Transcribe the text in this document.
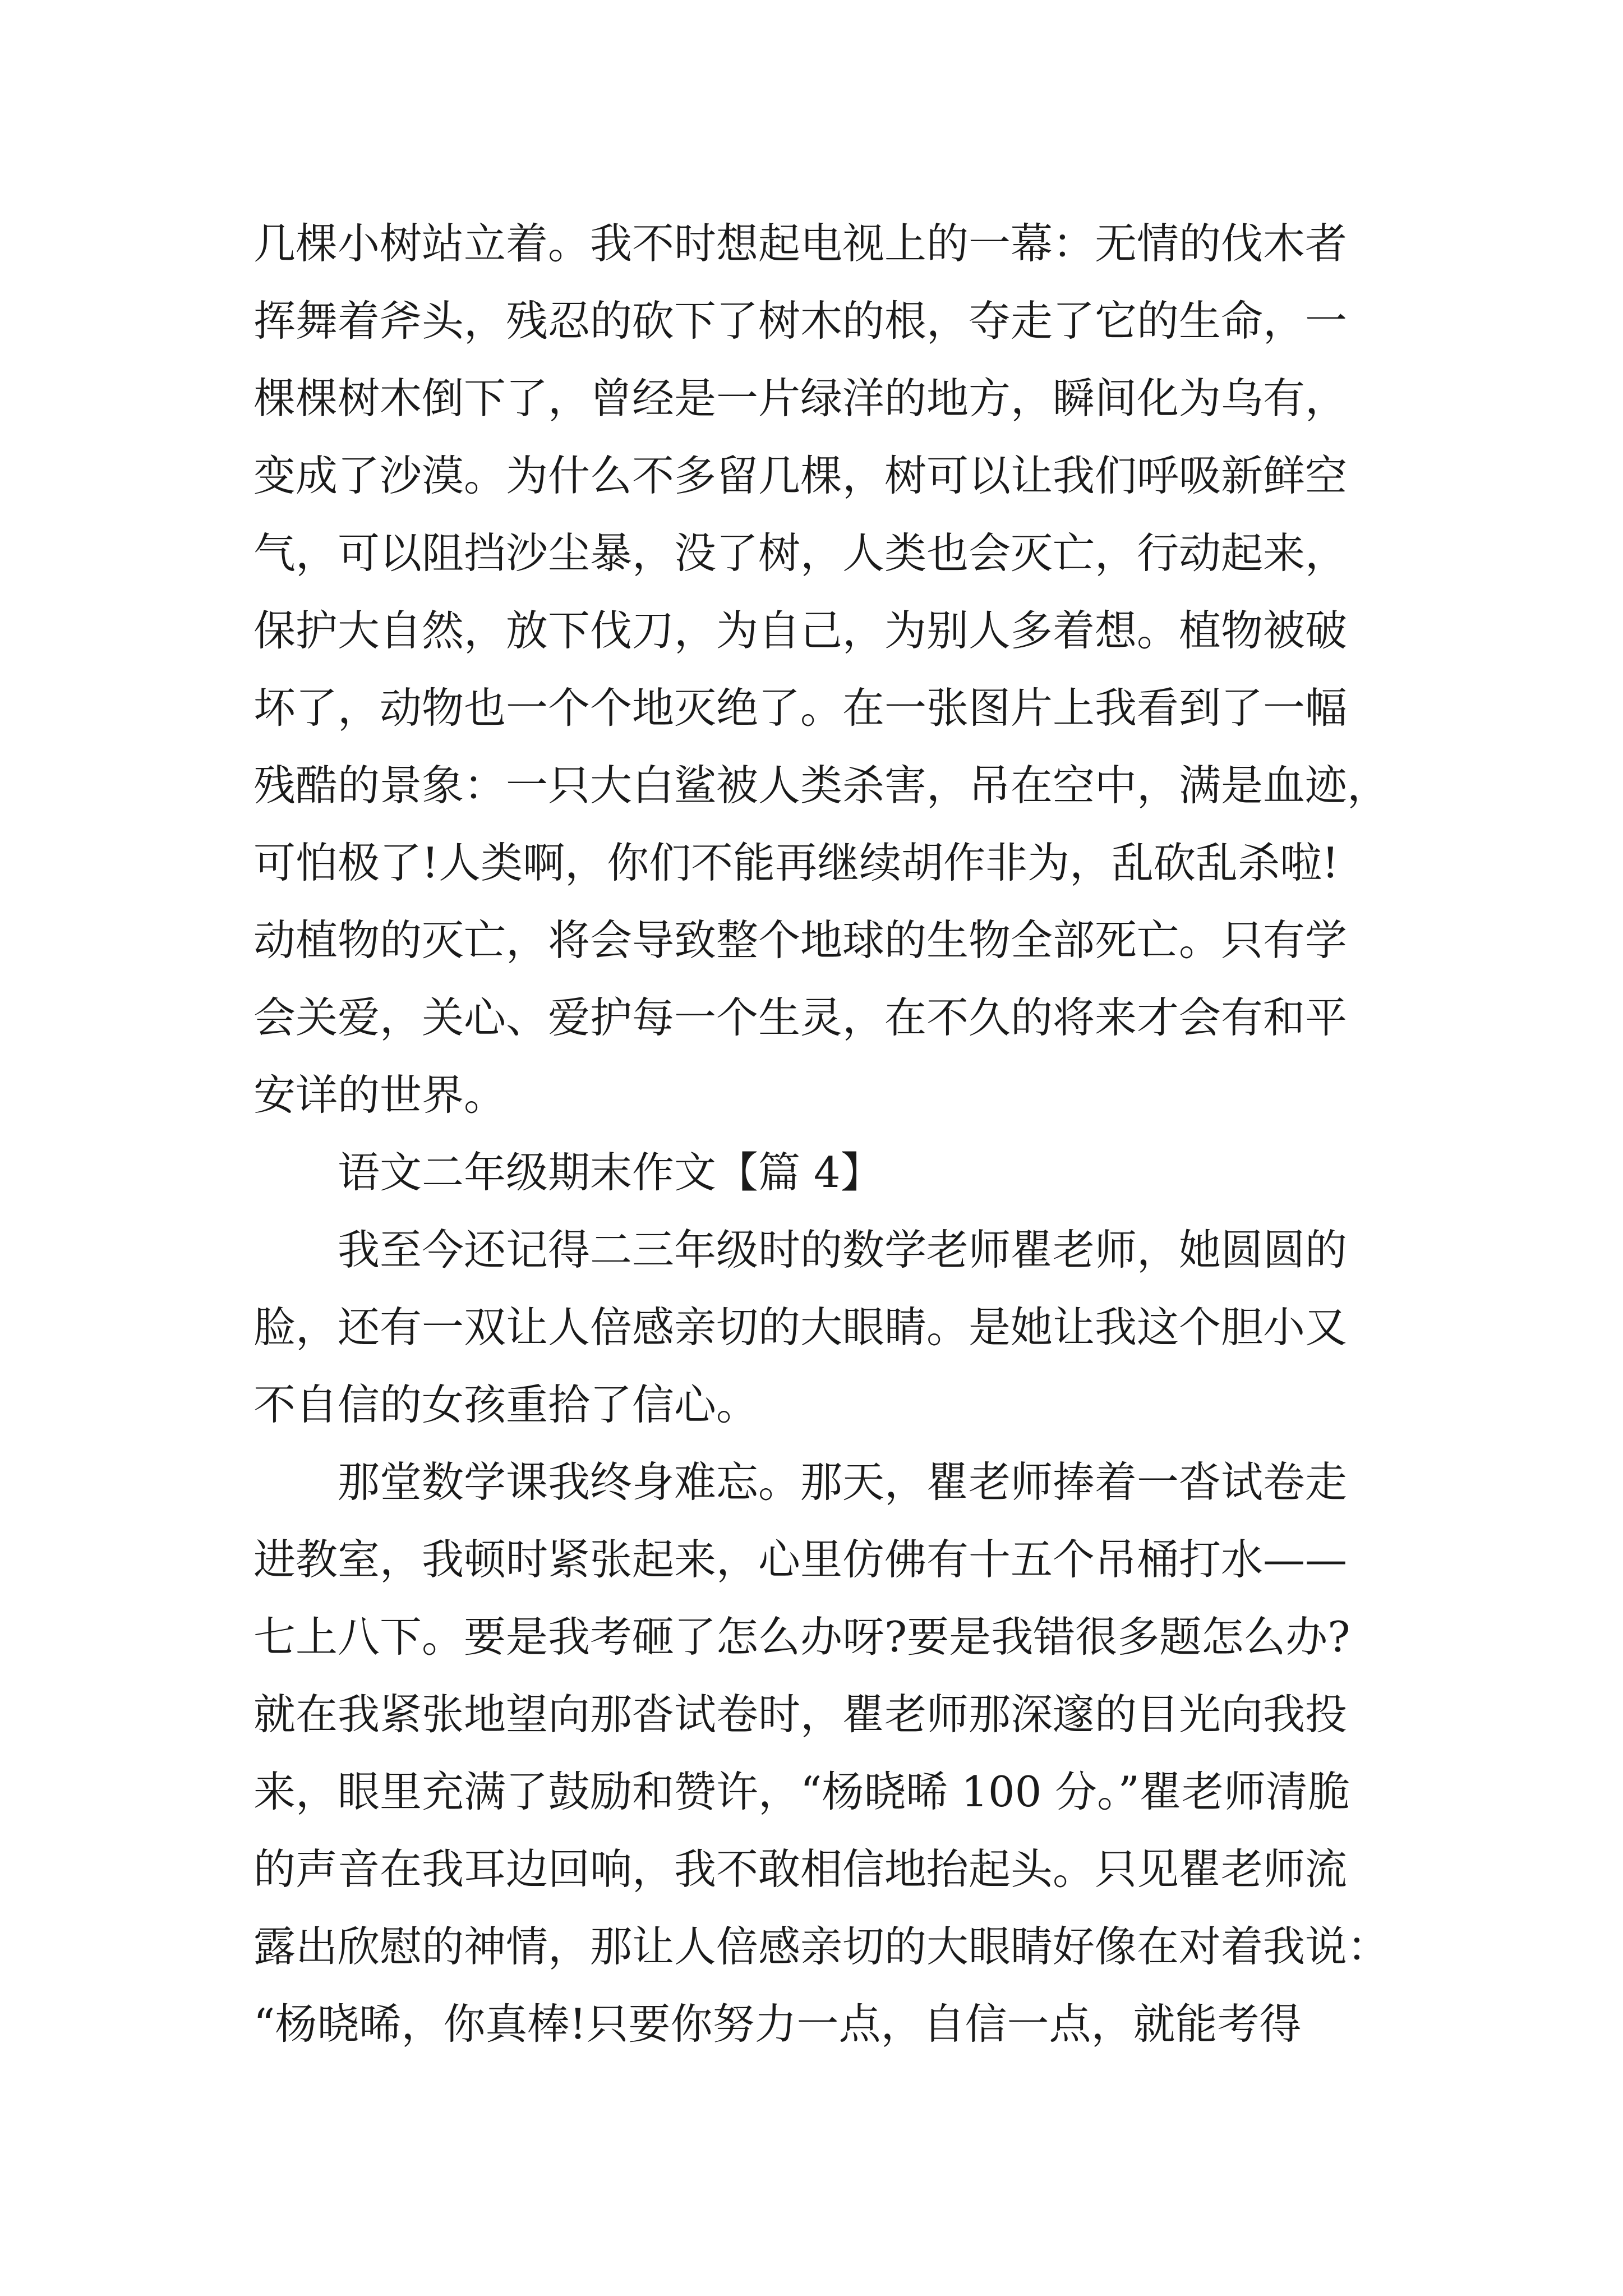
几棵小树站立着。我不时想起电视上的一幕：无情的伐木者
挥舞着斧头，残忍的砍下了树木的根，夺走了它的生命，一
棵棵树木倒下了，曾经是一片绿洋的地方，瞬间化为乌有，
变成了沙漠。为什么不多留几棵，树可以让我们呼吸新鲜空
气，可以阻挡沙尘暴，没了树，人类也会灭亡，行动起来，
保护大自然，放下伐刀，为自己，为别人多着想。植物被破
坏了，动物也一个个地灭绝了。在一张图片上我看到了一幅
残酷的景象：一只大白鲨被人类杀害，吊在空中，满是血迹，
可怕极了!人类啊，你们不能再继续胡作非为，乱砍乱杀啦!
动植物的灭亡，将会导致整个地球的生物全部死亡。只有学
会关爱，关心、爱护每一个生灵，在不久的将来才会有和平
安详的世界。
语文二年级期末作文【篇 4】
我至今还记得二三年级时的数学老师瞿老师，她圆圆的
脸，还有一双让人倍感亲切的大眼睛。是她让我这个胆小又
不自信的女孩重拾了信心。
那堂数学课我终身难忘。那天，瞿老师捧着一沓试卷走
进教室，我顿时紧张起来，心里仿佛有十五个吊桶打水——
七上八下。要是我考砸了怎么办呀?要是我错很多题怎么办?
就在我紧张地望向那沓试卷时，瞿老师那深邃的目光向我投
来，眼里充满了鼓励和赞许，“杨晓晞 100 分。”瞿老师清脆
的声音在我耳边回响，我不敢相信地抬起头。只见瞿老师流
露出欣慰的神情，那让人倍感亲切的大眼睛好像在对着我说：
“杨晓晞，你真棒!只要你努力一点，自信一点，就能考得
